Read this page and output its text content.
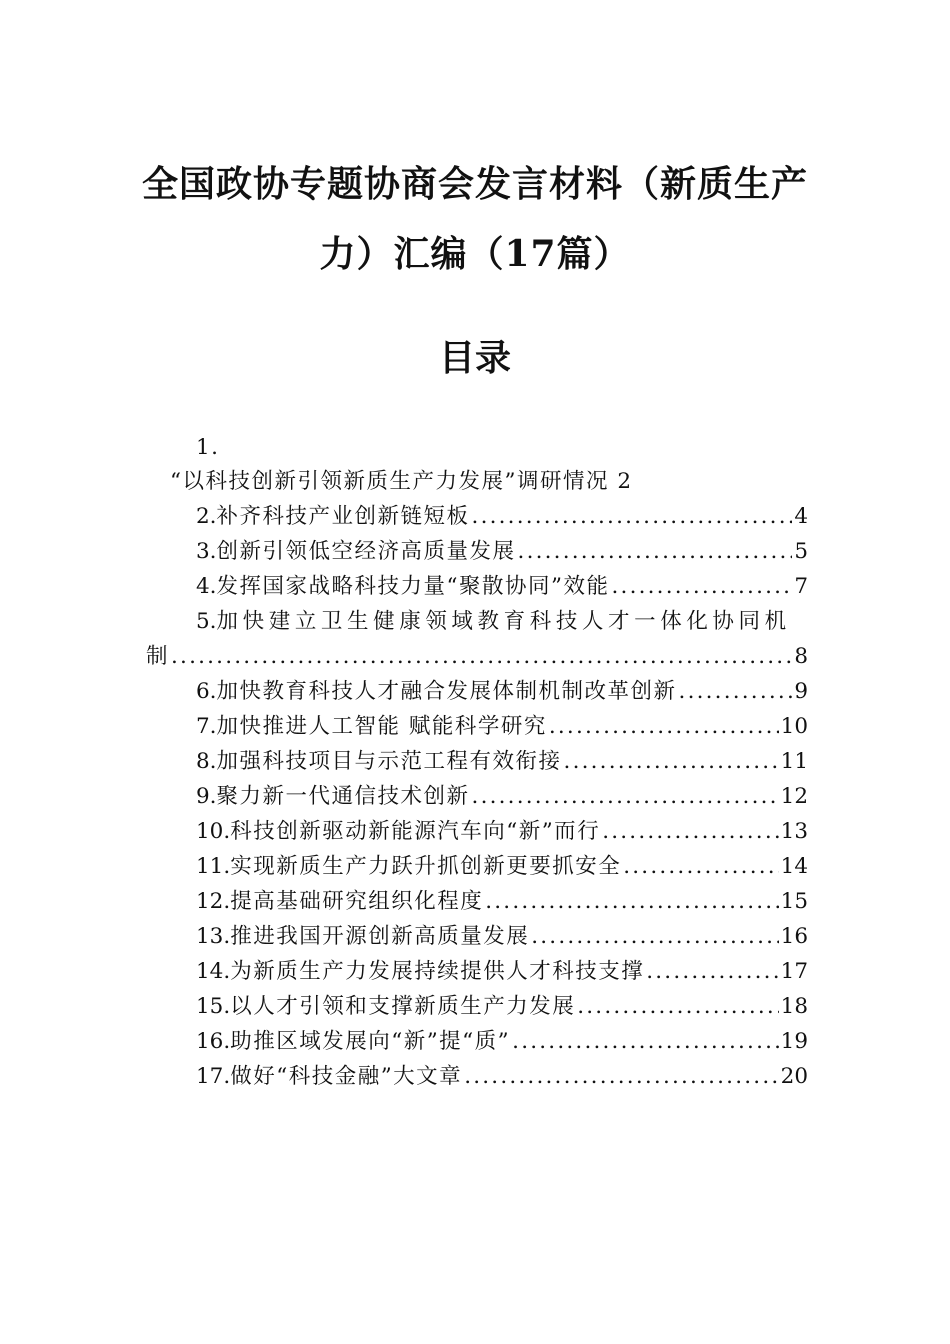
全国政协专题协商会发言材料（新质生产
力）汇编（17篇）
目录
1.
“以科技创新引领新质生产力发展”调研情况 2
2. 补齐科技产业创新链短板 .....	4
3. 创新引领低空经济高质量发展 .....	5
4. 发挥国家战略科技力量“聚散协同”效能 .....	7
5. 加快建立卫生健康领域教育科技人才一体化协同机
制 .....	8
6. 加快教育科技人才融合发展体制机制改革创新 .....	9
7. 加快推进人工智能 赋能科学研究 .....	10
8. 加强科技项目与示范工程有效衔接 .....	11
9. 聚力新一代通信技术创新 .....	12
10. 科技创新驱动新能源汽车向“新”而行 .....	13
11. 实现新质生产力跃升抓创新更要抓安全 .....	14
12. 提高基础研究组织化程度 .....	15
13. 推进我国开源创新高质量发展 .....	16
14. 为新质生产力发展持续提供人才科技支撑 .....	17
15. 以人才引领和支撑新质生产力发展 .....	18
16. 助推区域发展向“新”提“质” .....	19
17. 做好“科技金融”大文章 .....	20
